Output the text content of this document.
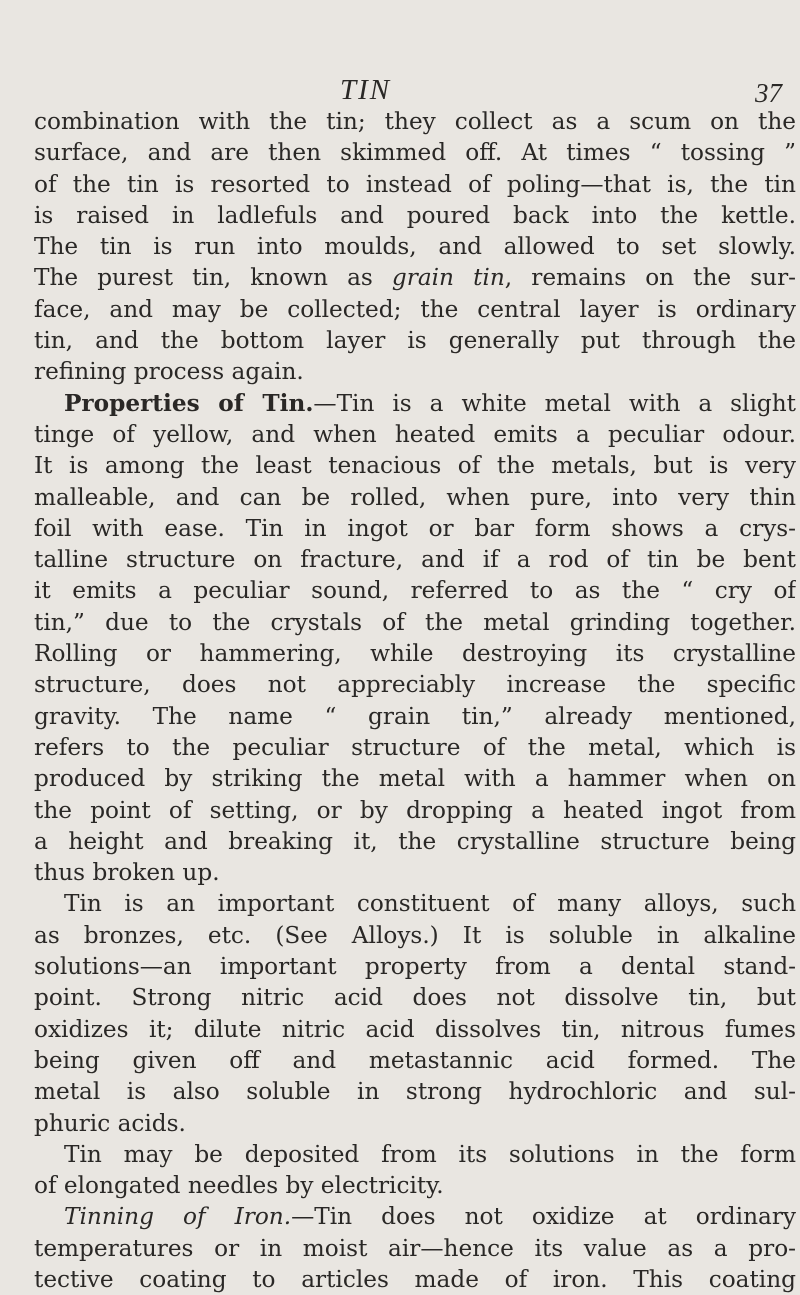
TIN	37
combination with the tin; they collect as a scum on the
surface, and are then skimmed off. At times “ tossing ”
of the tin is resorted to instead of poling—that is, the tin
is raised in ladlefuls and poured back into the kettle.
The tin is run into moulds, and allowed to set slowly.
The purest tin, known as grain tin, remains on the sur-
face, and may be collected; the central layer is ordinary
tin, and the bottom layer is generally put through the
refining process again.
Properties of Tin.—Tin is a white metal with a slight
tinge of yellow, and when heated emits a peculiar odour.
It is among the least tenacious of the metals, but is very
malleable, and can be rolled, when pure, into very thin
foil with ease. Tin in ingot or bar form shows a crys-
talline structure on fracture, and if a rod of tin be bent
it emits a peculiar sound, referred to as the “ cry of
tin,” due to the crystals of the metal grinding together.
Rolling or hammering, while destroying its crystalline
structure, does not appreciably increase the specific
gravity. The name “ grain tin,” already mentioned,
refers to the peculiar structure of the metal, which is
produced by striking the metal with a hammer when on
the point of setting, or by dropping a heated ingot from
a height and breaking it, the crystalline structure being
thus broken up.
Tin is an important constituent of many alloys, such
as bronzes, etc. (See Alloys.) It is soluble in alkaline
solutions—an important property from a dental stand-
point. Strong nitric acid does not dissolve tin, but
oxidizes it; dilute nitric acid dissolves tin, nitrous fumes
being given off and metastannic acid formed. The
metal is also soluble in strong hydrochloric and sul-
phuric acids.
Tin may be deposited from its solutions in the form
of elongated needles by electricity.
Tinning of Iron.—Tin does not oxidize at ordinary
temperatures or in moist air—hence its value as a pro-
tective coating to articles made of iron. This coating
